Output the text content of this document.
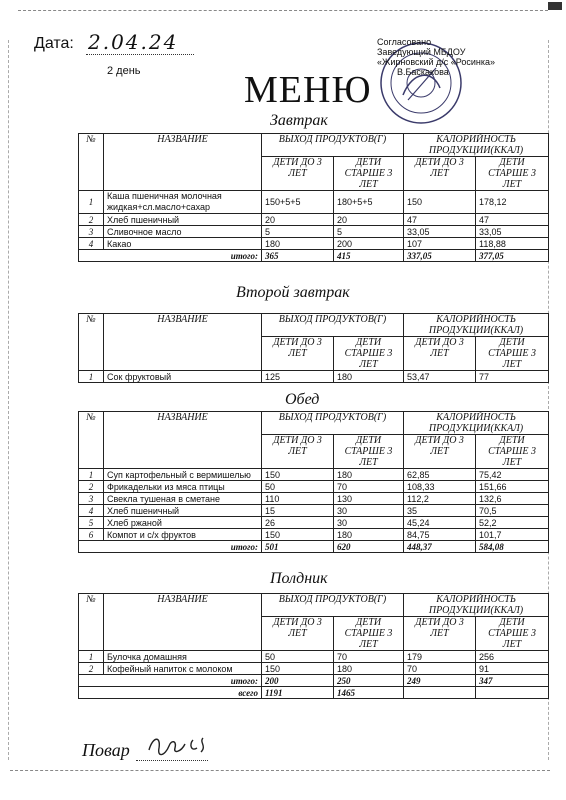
Дата: 2.04.24
2 день	МЕНЮ
Согласовано
Заведующий МБДОУ
«Жирновский д/с «Росинка»
В.Баскакова
Завтрак
№	НАЗВАНИЕ	ВЫХОД ПРОДУКТОВ(Г)		КАЛОРИЙНОСТЬ ПРОДУКЦИИ(ККАЛ)	
		ДЕТИ ДО 3 ЛЕТ	ДЕТИ СТАРШЕ 3 ЛЕТ	ДЕТИ ДО 3 ЛЕТ	ДЕТИ СТАРШЕ 3 ЛЕТ
1	Каша пшеничная молочная жидкая+сл.масло+сахар	150+5+5	180+5+5	150	178,12
2	Хлеб пшеничный	20	20	47	47
3	Сливочное масло	5	5	33,05	33,05
4	Какао	180	200	107	118,88
итого:		365	415	337,05	377,05
Второй завтрак
№	НАЗВАНИЕ	ВЫХОД ПРОДУКТОВ(Г)		КАЛОРИЙНОСТЬ ПРОДУКЦИИ(ККАЛ)	
		ДЕТИ ДО 3 ЛЕТ	ДЕТИ СТАРШЕ 3 ЛЕТ	ДЕТИ ДО 3 ЛЕТ	ДЕТИ СТАРШЕ 3 ЛЕТ
1	Сок фруктовый	125	180	53,47	77
Обед
№	НАЗВАНИЕ	ВЫХОД ПРОДУКТОВ(Г)		КАЛОРИЙНОСТЬ ПРОДУКЦИИ(ККАЛ)	
		ДЕТИ ДО 3 ЛЕТ	ДЕТИ СТАРШЕ 3 ЛЕТ	ДЕТИ ДО 3 ЛЕТ	ДЕТИ СТАРШЕ 3 ЛЕТ
1	Суп картофельный с вермишелью	150	180	62,85	75,42
2	Фрикадельки из мяса птицы	50	70	108,33	151,66
3	Свекла тушеная в сметане	110	130	112,2	132,6
4	Хлеб пшеничный	15	30	35	70,5
5	Хлеб ржаной	26	30	45,24	52,2
6	Компот и с/х фруктов	150	180	84,75	101,7
итого:		501	620	448,37	584,08
Полдник
№	НАЗВАНИЕ	ВЫХОД ПРОДУКТОВ(Г)		КАЛОРИЙНОСТЬ ПРОДУКЦИИ(ККАЛ)	
		ДЕТИ ДО 3 ЛЕТ	ДЕТИ СТАРШЕ 3 ЛЕТ	ДЕТИ ДО 3 ЛЕТ	ДЕТИ СТАРШЕ 3 ЛЕТ
1	Булочка домашняя	50	70	179	256
2	Кофейный напиток с молоком	150	180	70	91
итого:		200	250	249	347
всего		1191	1465		
Повар
